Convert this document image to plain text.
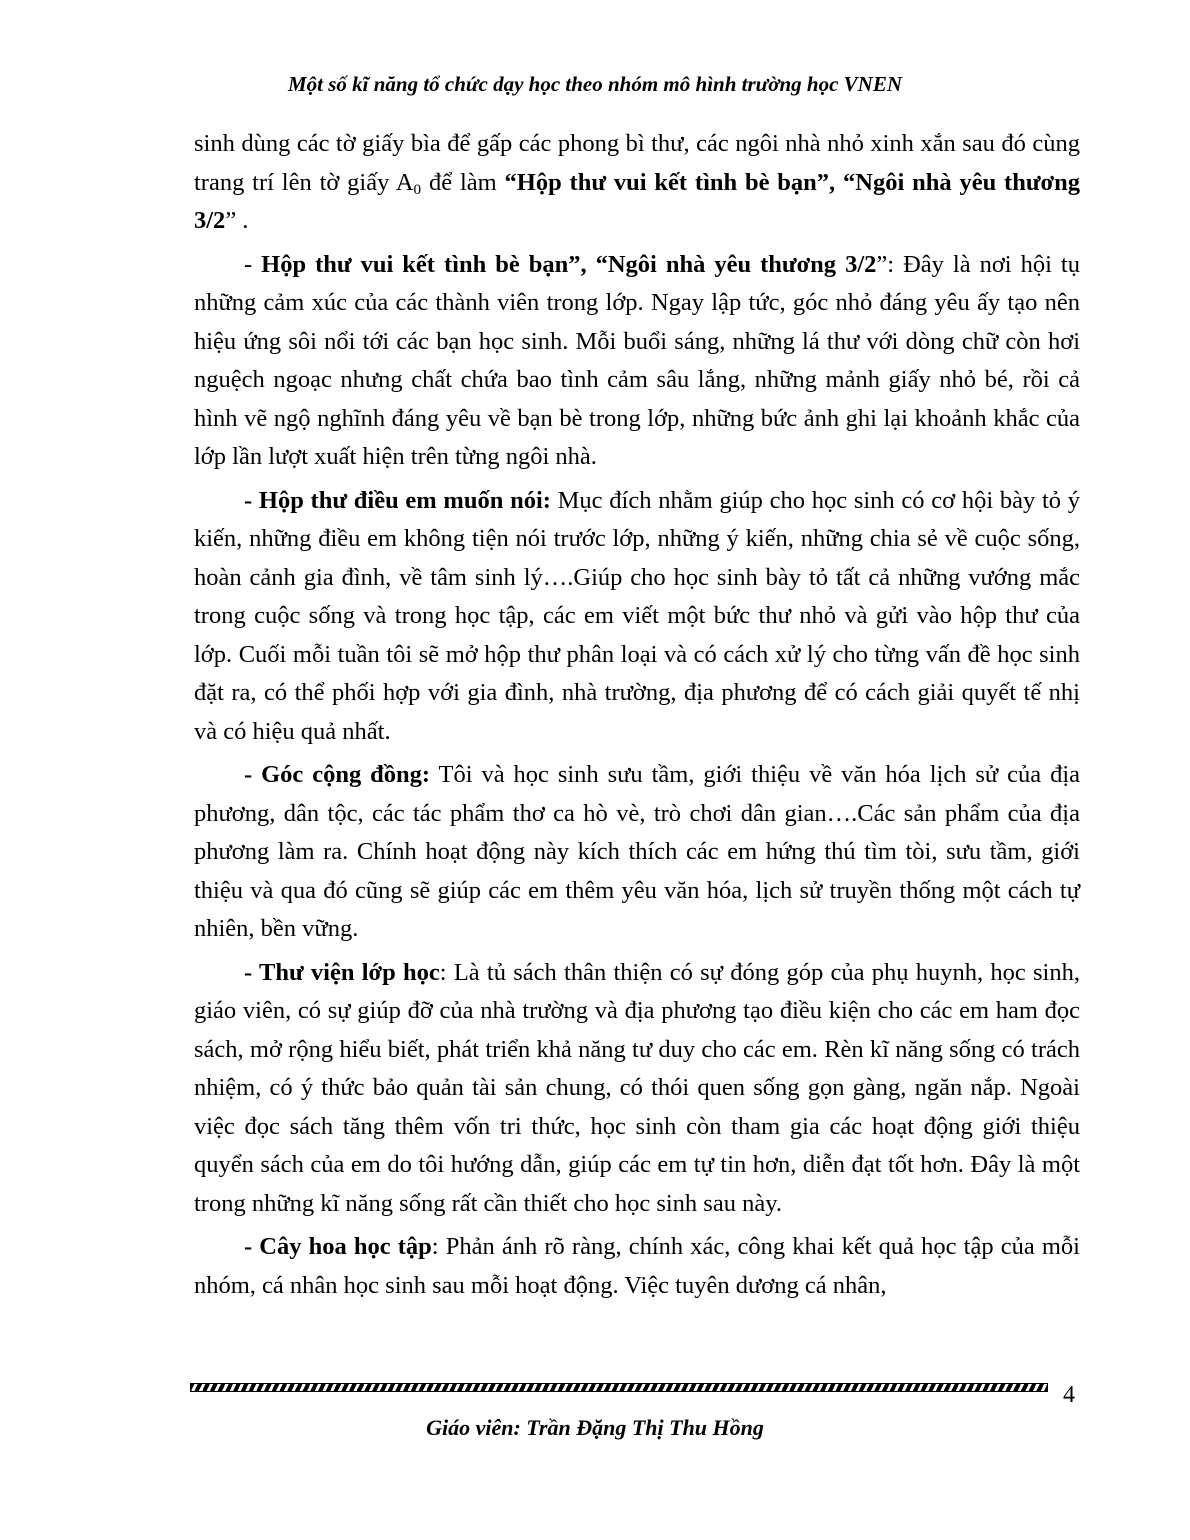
Một số kĩ năng tổ chức dạy học theo nhóm mô hình trường học VNEN

sinh dùng các tờ giấy bìa để gấp các phong bì thư, các ngôi nhà nhỏ xinh xắn sau đó cùng trang trí lên tờ giấy $A_0$ để làm “Hộp thư vui kết tình bè bạn”, “Ngôi nhà yêu thương 3/2” .

- Hộp thư vui kết tình bè bạn”, “Ngôi nhà yêu thương 3/2”: Đây là nơi hội tụ những cảm xúc của các thành viên trong lớp. Ngay lập tức, góc nhỏ đáng yêu ấy tạo nên hiệu ứng sôi nổi tới các bạn học sinh. Mỗi buổi sáng, những lá thư với dòng chữ còn hơi nguệch ngoạc nhưng chất chứa bao tình cảm sâu lắng, những mảnh giấy nhỏ bé, rồi cả hình vẽ ngộ nghĩnh đáng yêu về bạn bè trong lớp, những bức ảnh ghi lại khoảnh khắc của lớp lần lượt xuất hiện trên từng ngôi nhà.

- Hộp thư điều em muốn nói: Mục đích nhằm giúp cho học sinh có cơ hội bày tỏ ý kiến, những điều em không tiện nói trước lớp, những ý kiến, những chia sẻ về cuộc sống, hoàn cảnh gia đình, về tâm sinh lý….Giúp cho học sinh bày tỏ tất cả những vướng mắc trong cuộc sống và trong học tập, các em viết một bức thư nhỏ và gửi vào hộp thư của lớp. Cuối mỗi tuần tôi sẽ mở hộp thư phân loại và có cách xử lý cho từng vấn đề học sinh đặt ra, có thể phối hợp với gia đình, nhà trường, địa phương để có cách giải quyết tế nhị và có hiệu quả nhất.

- Góc cộng đồng: Tôi và học sinh sưu tầm, giới thiệu về văn hóa lịch sử của địa phương, dân tộc, các tác phẩm thơ ca hò vè, trò chơi dân gian….Các sản phẩm của địa phương làm ra. Chính hoạt động này kích thích các em hứng thú tìm tòi, sưu tầm, giới thiệu và qua đó cũng sẽ giúp các em thêm yêu văn hóa, lịch sử truyền thống một cách tự nhiên, bền vững.

- Thư viện lớp học: Là tủ sách thân thiện có sự đóng góp của phụ huynh, học sinh, giáo viên, có sự giúp đỡ của nhà trường và địa phương tạo điều kiện cho các em ham đọc sách, mở rộng hiểu biết, phát triển khả năng tư duy cho các em. Rèn kĩ năng sống có trách nhiệm, có ý thức bảo quản tài sản chung, có thói quen sống gọn gàng, ngăn nắp. Ngoài việc đọc sách tăng thêm vốn tri thức, học sinh còn tham gia các hoạt động giới thiệu quyển sách của em do tôi hướng dẫn, giúp các em tự tin hơn, diễn đạt tốt hơn. Đây là một trong những kĩ năng sống rất cần thiết cho học sinh sau này.

- Cây hoa học tập: Phản ánh rõ ràng, chính xác, công khai kết quả học tập của mỗi nhóm, cá nhân học sinh sau mỗi hoạt động. Việc tuyên dương cá nhân,

4
Giáo viên: Trần Đặng Thị Thu Hồng
